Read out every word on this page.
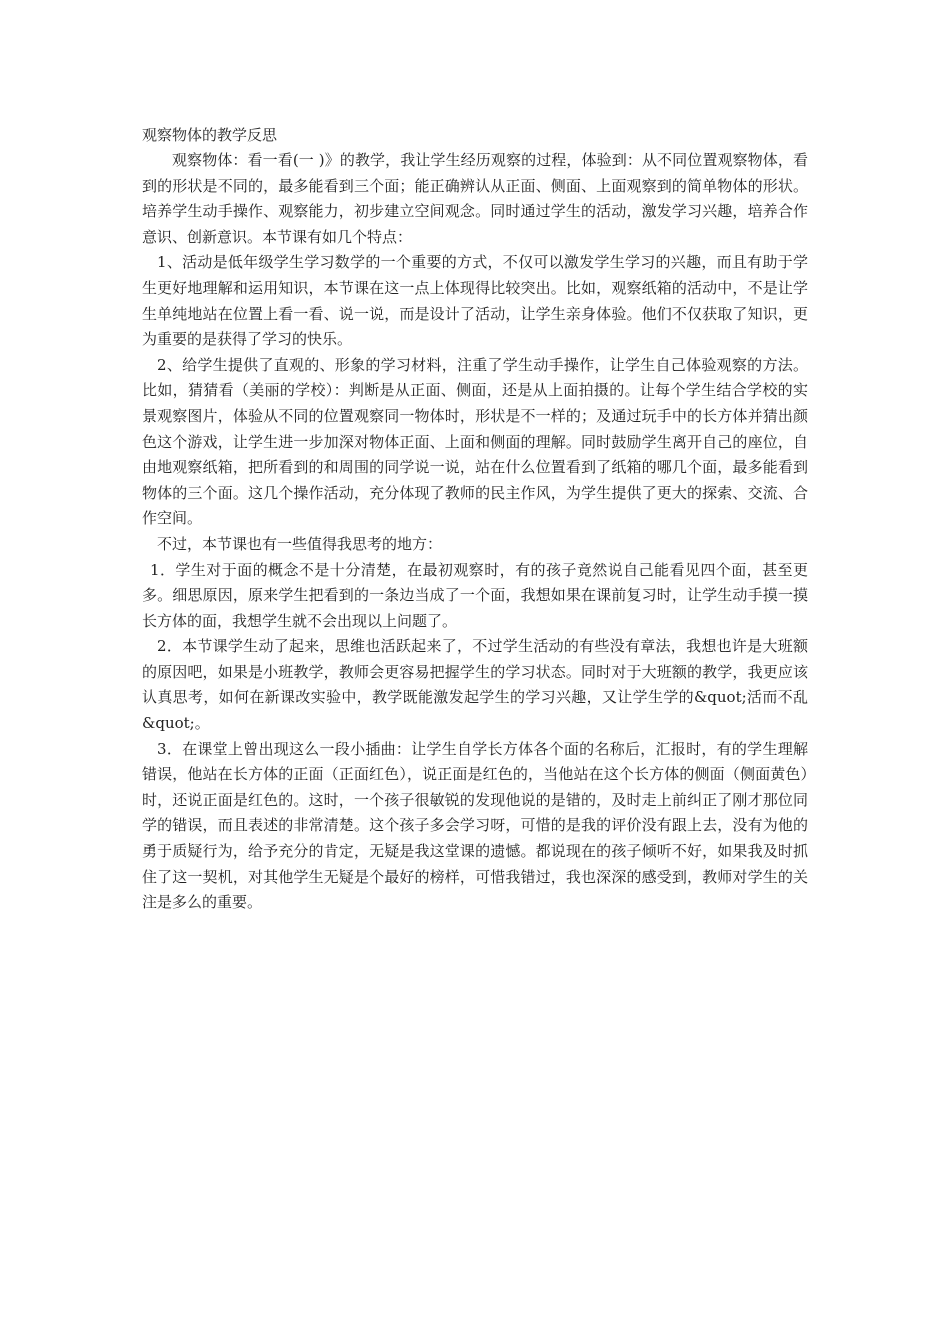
观察物体的教学反思

观察物体：看一看(一 )》的教学，我让学生经历观察的过程，体验到：从不同位置观察物体，看到的形状是不同的，最多能看到三个面；能正确辨认从正面、侧面、上面观察到的简单物体的形状。培养学生动手操作、观察能力，初步建立空间观念。同时通过学生的活动，激发学习兴趣，培养合作意识、创新意识。本节课有如几个特点：

1、活动是低年级学生学习数学的一个重要的方式，不仅可以激发学生学习的兴趣，而且有助于学生更好地理解和运用知识，本节课在这一点上体现得比较突出。比如，观察纸箱的活动中，不是让学生单纯地站在位置上看一看、说一说，而是设计了活动，让学生亲身体验。他们不仅获取了知识，更为重要的是获得了学习的快乐。

2、给学生提供了直观的、形象的学习材料，注重了学生动手操作，让学生自己体验观察的方法。比如，猜猜看（美丽的学校）：判断是从正面、侧面，还是从上面拍摄的。让每个学生结合学校的实景观察图片，体验从不同的位置观察同一物体时，形状是不一样的；及通过玩手中的长方体并猜出颜色这个游戏，让学生进一步加深对物体正面、上面和侧面的理解。同时鼓励学生离开自己的座位，自由地观察纸箱，把所看到的和周围的同学说一说，站在什么位置看到了纸箱的哪几个面，最多能看到物体的三个面。这几个操作活动，充分体现了教师的民主作风，为学生提供了更大的探索、交流、合作空间。

不过，本节课也有一些值得我思考的地方：

1．学生对于面的概念不是十分清楚，在最初观察时，有的孩子竟然说自己能看见四个面，甚至更多。细思原因，原来学生把看到的一条边当成了一个面，我想如果在课前复习时，让学生动手摸一摸长方体的面，我想学生就不会出现以上问题了。

2．本节课学生动了起来，思维也活跃起来了，不过学生活动的有些没有章法，我想也许是大班额的原因吧，如果是小班教学，教师会更容易把握学生的学习状态。同时对于大班额的教学，我更应该认真思考，如何在新课改实验中，教学既能激发起学生的学习兴趣，又让学生学的&quot;活而不乱&quot;。

3．在课堂上曾出现这么一段小插曲：让学生自学长方体各个面的名称后，汇报时，有的学生理解错误，他站在长方体的正面（正面红色），说正面是红色的，当他站在这个长方体的侧面（侧面黄色）时，还说正面是红色的。这时，一个孩子很敏锐的发现他说的是错的，及时走上前纠正了刚才那位同学的错误，而且表述的非常清楚。这个孩子多会学习呀，可惜的是我的评价没有跟上去，没有为他的勇于质疑行为，给予充分的肯定，无疑是我这堂课的遗憾。都说现在的孩子倾听不好，如果我及时抓住了这一契机，对其他学生无疑是个最好的榜样，可惜我错过，我也深深的感受到，教师对学生的关注是多么的重要。
